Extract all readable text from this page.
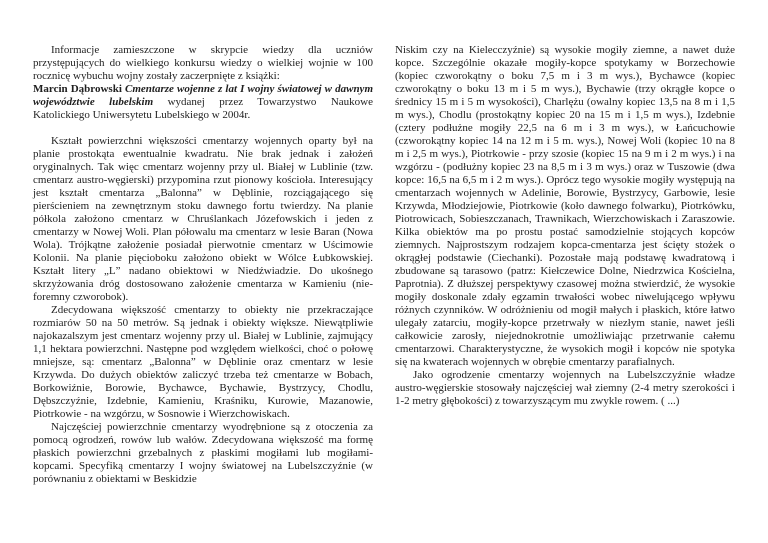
Informacje zamieszczone w skrypcie wiedzy dla uczniów przystępujących do wielkiego konkursu wiedzy o wielkiej wojnie w 100 rocznicę wybuchu wojny zostały zaczerpnięte z książki:

Marcin Dąbrowski Cmentarze wojenne z lat I wojny światowej w dawnym województwie lubelskim wydanej przez Towarzystwo Naukowe Katolickiego Uniwersytetu Lubelskiego w 2004r.

Kształt powierzchni większości cmentarzy wojennych oparty był na planie prostokąta ewentualnie kwadratu. Nie brak jednak i założeń oryginalnych. Tak więc cmentarz wojenny przy ul. Białej w Lublinie (tzw. cmentarz austro-węgierski) przypomina rzut pionowy kościoła. Interesujący jest kształt cmentarza „Balonna” w Dęblinie, rozciągającego się pierścieniem na zewnętrznym stoku dawnego fortu twierdzy. Na planie półkola założono cmentarz w Chruślankach Józefowskich i jeden z cmentarzy w Nowej Woli. Plan półowalu ma cmentarz w lesie Baran (Nowa Wola). Trójkątne założenie posiadał pierwotnie cmentarz w Uścimowie Kolonii. Na planie pięcioboku założono obiekt w Wólce Łubkowskiej. Kształt litery „L” nadano obiektowi w Niedźwiadzie. Do ukośnego skrzyżowania dróg dostosowano założenie cmentarza w Kamieniu (nie-foremny czworobok).

Zdecydowana większość cmentarzy to obiekty nie przekraczające rozmiarów 50 na 50 metrów. Są jednak i obiekty większe. Niewątpliwie najokazalszym jest cmentarz wojenny przy ul. Białej w Lublinie, zajmujący 1,1 hektara powierzchni. Następne pod względem wielkości, choć o połowę mniejsze, są: cmentarz „Balonna” w Dęblinie oraz cmentarz w lesie Krzywda. Do dużych obiektów zaliczyć trzeba też cmentarze w Bobach, Borkowiźnie, Borowie, Bychawce, Bychawie, Bystrzycy, Chodlu, Dębszczyźnie, Izdebnie, Kamieniu, Kraśniku, Kurowie, Mazanowie, Piotrkowie - na wzgórzu, w Sosnowie i Wierzchowiskach.

Najczęściej powierzchnie cmentarzy wyodrębnione są z otoczenia za pomocą ogrodzeń, rowów lub wałów. Zdecydowana większość ma formę płaskich powierzchni grzebalnych z płaskimi mogiłami lub mogiłami-kopcami. Specyfiką cmentarzy I wojny światowej na Lubelszczyźnie (w porównaniu z obiektami w Beskidzie

Niskim czy na Kielecczyźnie) są wysokie mogiły ziemne, a nawet duże kopce. Szczególnie okazałe mogiły-kopce spotykamy w Borzechowie (kopiec czworokątny o boku 7,5 m i 3 m wys.), Bychawce (kopiec czworokątny o boku 13 m i 5 m wys.), Bychawie (trzy okrągłe kopce o średnicy 15 m i 5 m wysokości), Charlężu (owalny kopiec 13,5 na 8 m i 1,5 m wys.), Chodlu (prostokątny kopiec 20 na 15 m i 1,5 m wys.), Izdebnie (cztery podłużne mogiły 22,5 na 6 m i 3 m wys.), w Łańcuchowie (czworokątny kopiec 14 na 12 m i 5 m. wys.), Nowej Woli (kopiec 10 na 8 m i 2,5 m wys.), Piotrkowie - przy szosie (kopiec 15 na 9 m i 2 m wys.) i na wzgórzu - (podłużny kopiec 23 na 8,5 m i 3 m wys.) oraz w Tuszowie (dwa kopce: 16,5 na 6,5 m i 2 m wys.). Oprócz tego wysokie mogiły występują na cmentarzach wojennych w Adelinie, Borowie, Bystrzycy, Garbowie, lesie Krzywda, Młodziejowie, Piotrkowie (koło dawnego folwarku), Piotrkówku, Piotrowicach, Sobieszczanach, Trawnikach, Wierzchowiskach i Zaraszowie. Kilka obiektów ma po prostu postać samodzielnie stojących kopców ziemnych. Najprostszym rodzajem kopca-cmentarza jest ścięty stożek o okrągłej podstawie (Ciechanki). Pozostałe mają podstawę kwadratową i zbudowane są tarasowo (patrz: Kiełczewice Dolne, Niedrzwica Kościelna, Paprotnia). Z dłuższej perspektywy czasowej można stwierdzić, że wysokie mogiły doskonale zdały egzamin trwałości wobec niwelującego wpływu różnych czynników. W odróżnieniu od mogił małych i płaskich, które łatwo ulegały zatarciu, mogiły-kopce przetrwały w niezłym stanie, nawet jeśli całkowicie zarosły, niejednokrotnie umożliwiając przetrwanie całemu cmentarzowi. Charakterystyczne, że wysokich mogił i kopców nie spotyka się na kwaterach wojennych w obrębie cmentarzy parafialnych.

Jako ogrodzenie cmentarzy wojennych na Lubelszczyźnie władze austro-węgierskie stosowały najczęściej wał ziemny (2-4 metry szerokości i 1-2 metry głębokości) z towarzyszącym mu zwykle rowem. ( ...)
